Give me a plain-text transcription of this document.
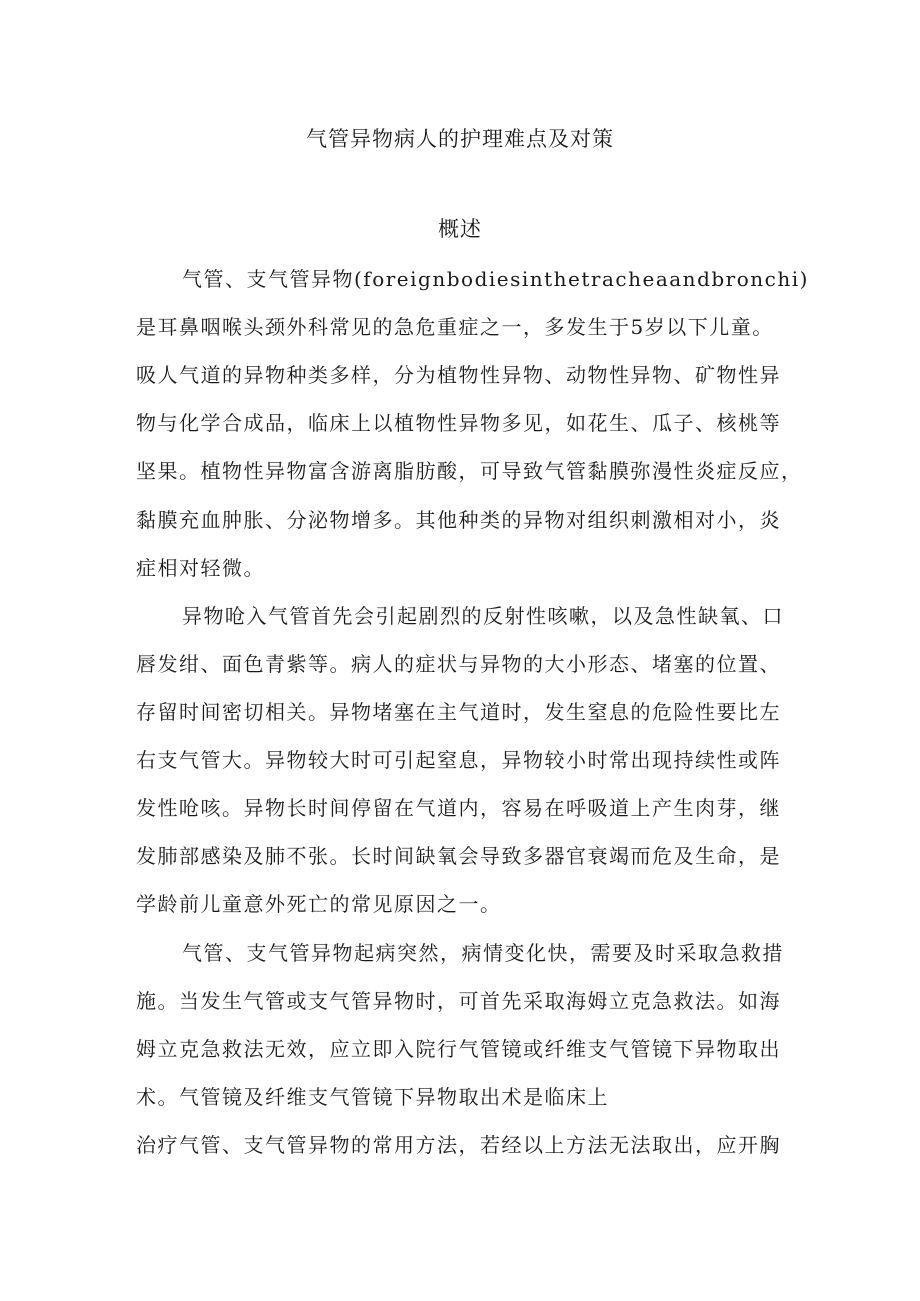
气管异物病人的护理难点及对策
概述
气管、支气管异物(foreignbodiesinthetracheaandbronchi)
是耳鼻咽喉头颈外科常见的急危重症之一，多发生于5岁以下儿童。
吸人气道的异物种类多样，分为植物性异物、动物性异物、矿物性异
物与化学合成品，临床上以植物性异物多见，如花生、瓜子、核桃等
坚果。植物性异物富含游离脂肪酸，可导致气管黏膜弥漫性炎症反应，
黏膜充血肿胀、分泌物增多。其他种类的异物对组织刺激相对小，炎
症相对轻微。
异物呛入气管首先会引起剧烈的反射性咳嗽，以及急性缺氧、口
唇发绀、面色青紫等。病人的症状与异物的大小形态、堵塞的位置、
存留时间密切相关。异物堵塞在主气道时，发生窒息的危险性要比左
右支气管大。异物较大时可引起窒息，异物较小时常出现持续性或阵
发性呛咳。异物长时间停留在气道内，容易在呼吸道上产生肉芽，继
发肺部感染及肺不张。长时间缺氧会导致多器官衰竭而危及生命，是
学龄前儿童意外死亡的常见原因之一。
气管、支气管异物起病突然，病情变化快，需要及时采取急救措
施。当发生气管或支气管异物时，可首先采取海姆立克急救法。如海
姆立克急救法无效，应立即入院行气管镜或纤维支气管镜下异物取出
术。气管镜及纤维支气管镜下异物取出术是临床上
治疗气管、支气管异物的常用方法，若经以上方法无法取出，应开胸
